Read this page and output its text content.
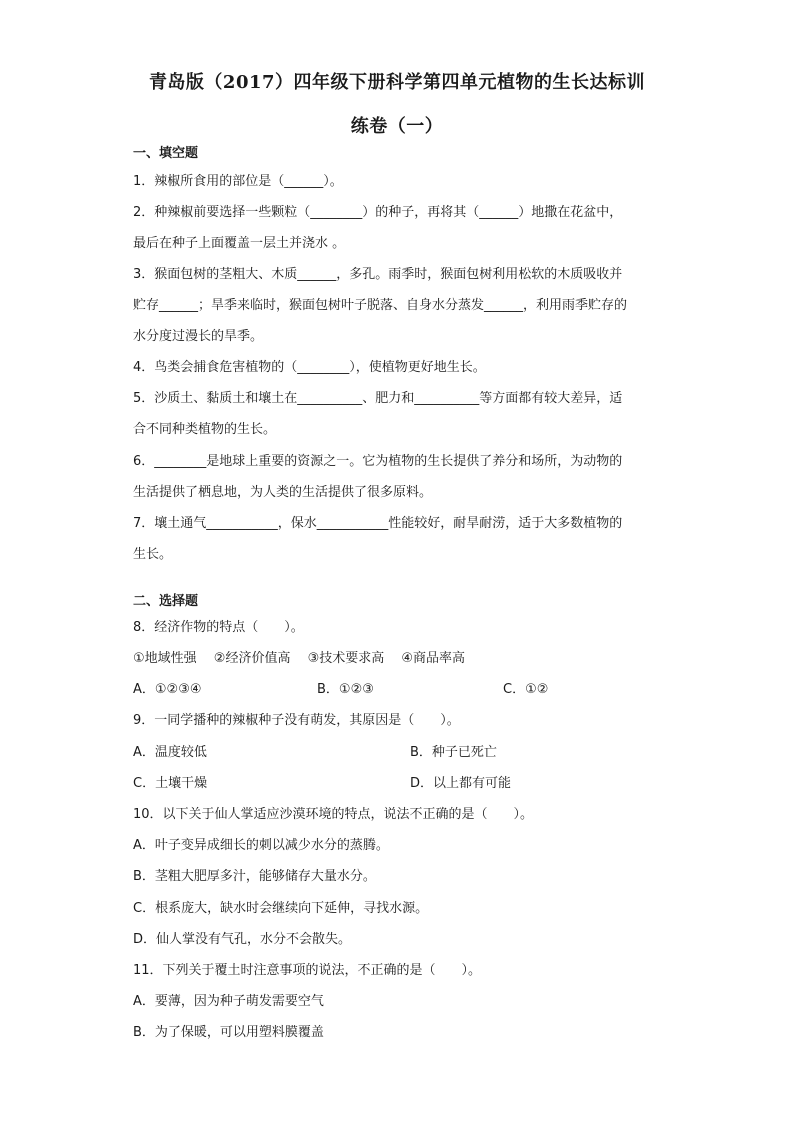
青岛版（2017）四年级下册科学第四单元植物的生长达标训
练卷（一）
一、填空题
1．辣椒所食用的部位是（______）。
2．种辣椒前要选择一些颗粒（________）的种子，再将其（______）地撒在花盆中，
最后在种子上面覆盖一层土并浇水 。
3．猴面包树的茎粗大、木质______，多孔。雨季时，猴面包树利用松软的木质吸收并
贮存______；旱季来临时，猴面包树叶子脱落、自身水分蒸发______，利用雨季贮存的
水分度过漫长的旱季。
4．鸟类会捕食危害植物的（________），使植物更好地生长。
5．沙质土、黏质土和壤土在__________、肥力和__________等方面都有较大差异，适
合不同种类植物的生长。
6．________是地球上重要的资源之一。它为植物的生长提供了养分和场所，为动物的
生活提供了栖息地，为人类的生活提供了很多原料。
7．壤土通气___________，保水___________性能较好，耐旱耐涝，适于大多数植物的
生长。
二、选择题
8．经济作物的特点（　　）。
①地域性强　 ②经济价值高　 ③技术要求高　 ④商品率高
A．①②③④	B．①②③	C．①②
9．一同学播种的辣椒种子没有萌发，其原因是（　　）。
A．温度较低	B．种子已死亡
C．土壤干燥	D．以上都有可能
10．以下关于仙人掌适应沙漠环境的特点，说法不正确的是（　　）。
A．叶子变异成细长的刺以减少水分的蒸腾。
B．茎粗大肥厚多汁，能够储存大量水分。
C．根系庞大，缺水时会继续向下延伸，寻找水源。
D．仙人掌没有气孔，水分不会散失。
11．下列关于覆土时注意事项的说法，不正确的是（　　）。
A．要薄，因为种子萌发需要空气
B．为了保暖，可以用塑料膜覆盖
